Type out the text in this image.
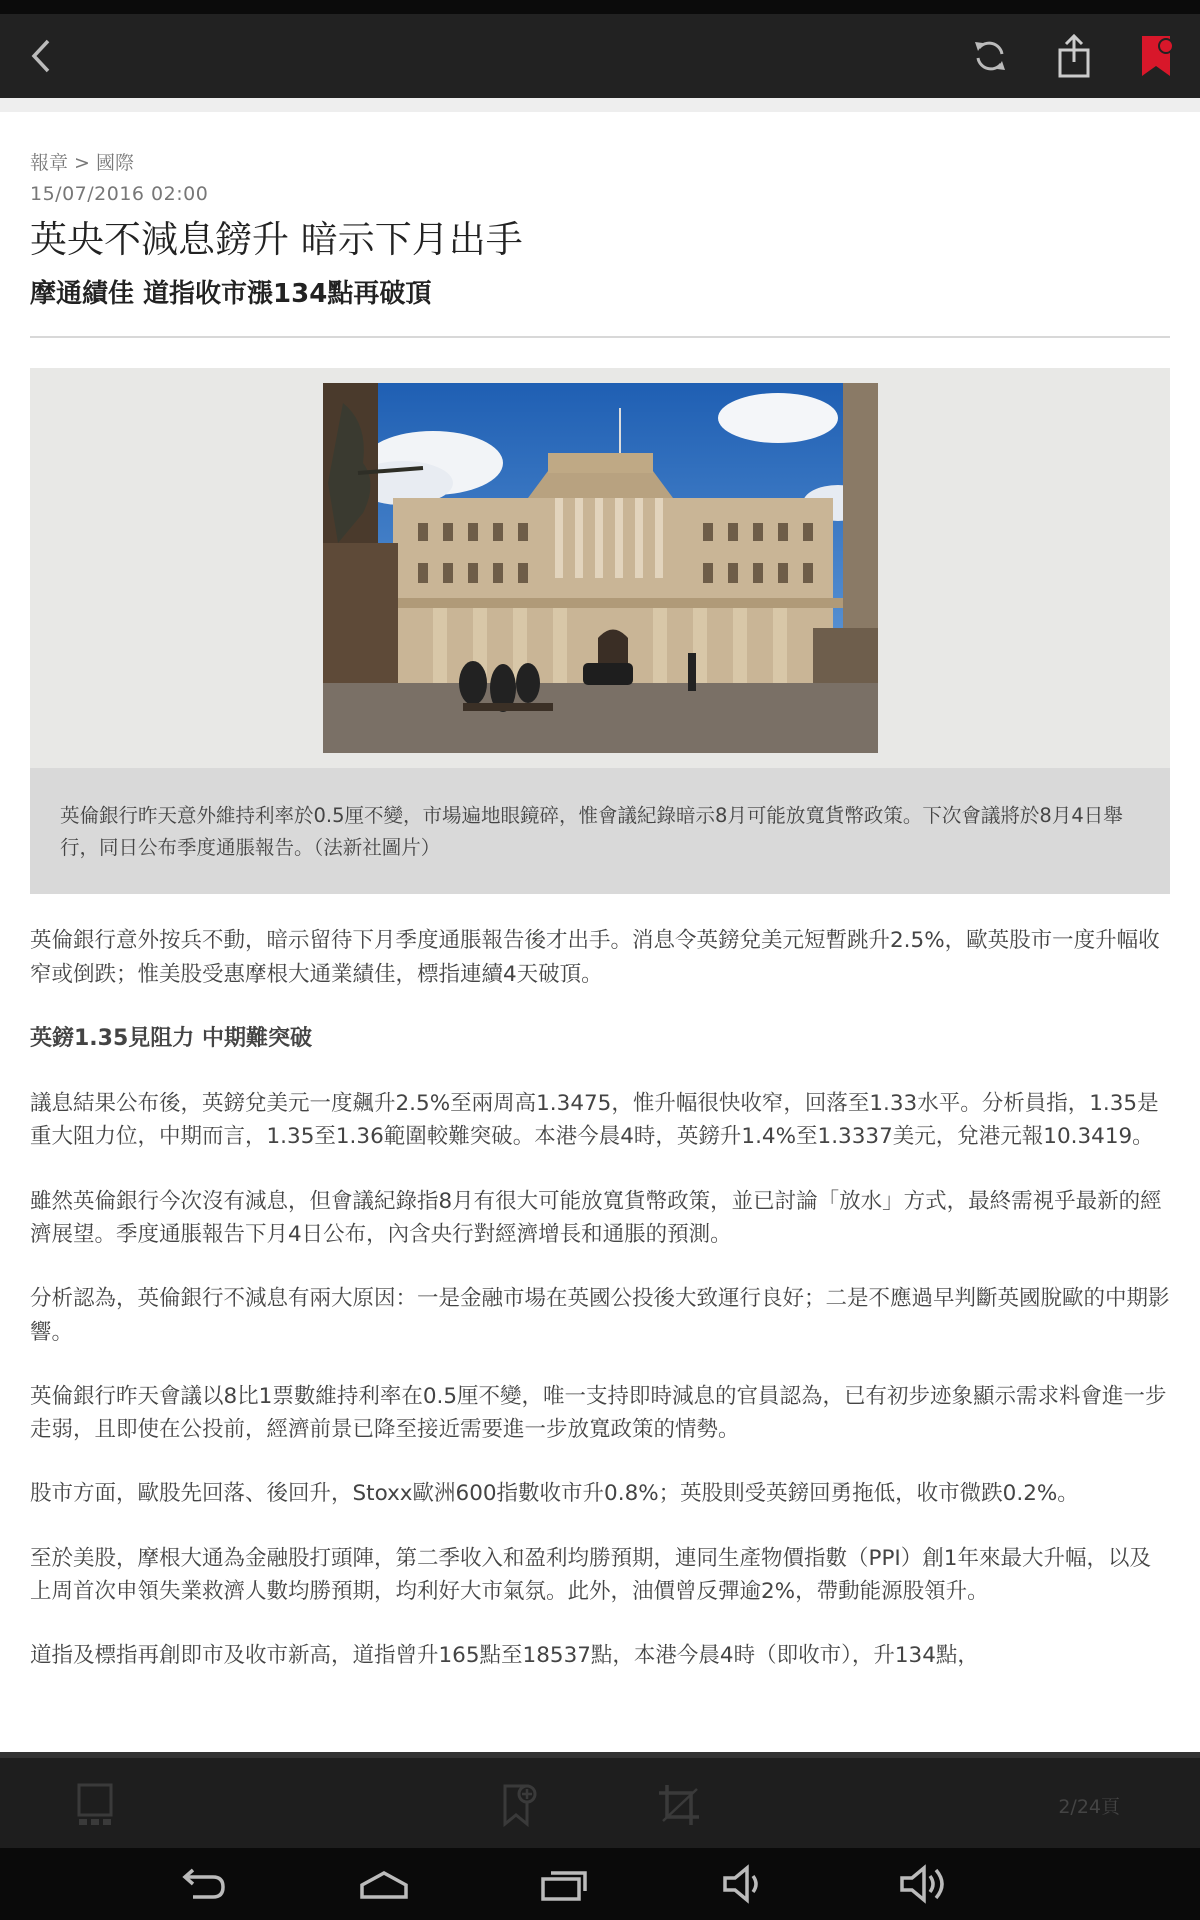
報章 > 國際
15/07/2016 02:00
英央不減息鎊升 暗示下月出手
摩通績佳 道指收市漲134點再破頂
英倫銀行昨天意外維持利率於0.5厘不變，市場遍地眼鏡碎，惟會議紀錄暗示8月可能放寬貨幣政策。下次會議將於8月4日舉行，同日公布季度通脹報告。（法新社圖片）

英倫銀行意外按兵不動，暗示留待下月季度通脹報告後才出手。消息令英鎊兌美元短暫跳升2.5%，歐英股市一度升幅收窄或倒跌；惟美股受惠摩根大通業績佳，標指連續4天破頂。

英鎊1.35見阻力 中期難突破

議息結果公布後，英鎊兌美元一度飆升2.5%至兩周高1.3475，惟升幅很快收窄，回落至1.33水平。分析員指，1.35是重大阻力位，中期而言，1.35至1.36範圍較難突破。本港今晨4時，英鎊升1.4%至1.3337美元，兌港元報10.3419。

雖然英倫銀行今次沒有減息，但會議紀錄指8月有很大可能放寬貨幣政策，並已討論「放水」方式，最終需視乎最新的經濟展望。季度通脹報告下月4日公布，內含央行對經濟增長和通脹的預測。

分析認為，英倫銀行不減息有兩大原因：一是金融市場在英國公投後大致運行良好；二是不應過早判斷英國脫歐的中期影響。

英倫銀行昨天會議以8比1票數維持利率在0.5厘不變，唯一支持即時減息的官員認為，已有初步迹象顯示需求料會進一步走弱，且即使在公投前，經濟前景已降至接近需要進一步放寬政策的情勢。

股市方面，歐股先回落、後回升，Stoxx歐洲600指數收市升0.8%；英股則受英鎊回勇拖低，收市微跌0.2%。

至於美股，摩根大通為金融股打頭陣，第二季收入和盈利均勝預期，連同生產物價指數（PPI）創1年來最大升幅，以及上周首次申領失業救濟人數均勝預期，均利好大市氣氛。此外，油價曾反彈逾2%，帶動能源股領升。

道指及標指再創即市及收市新高，道指曾升165點至18537點，本港今晨4時（即收市），升134點，

2/24頁
